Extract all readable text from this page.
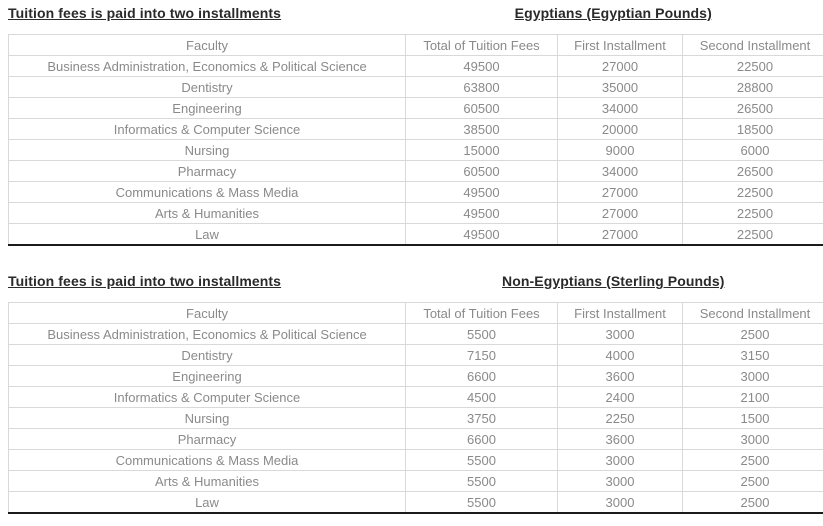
Tuition fees is paid into two installments	Egyptians (Egyptian Pounds)
Faculty	Total of Tuition Fees	First Installment	Second Installment	
Business Administration, Economics & Political Science	49500	27000	22500	
Dentistry	63800	35000	28800	
Engineering	60500	34000	26500	
Informatics & Computer Science	38500	20000	18500	
Nursing	15000	9000	6000	
Pharmacy	60500	34000	26500	
Communications & Mass Media	49500	27000	22500	
Arts & Humanities	49500	27000	22500	
Law	49500	27000	22500	
Tuition fees is paid into two installments	Non-Egyptians (Sterling Pounds)
Faculty	Total of Tuition Fees	First Installment	Second Installment	
Business Administration, Economics & Political Science	5500	3000	2500	
Dentistry	7150	4000	3150	
Engineering	6600	3600	3000	
Informatics & Computer Science	4500	2400	2100	
Nursing	3750	2250	1500	
Pharmacy	6600	3600	3000	
Communications & Mass Media	5500	3000	2500	
Arts & Humanities	5500	3000	2500	
Law	5500	3000	2500	
